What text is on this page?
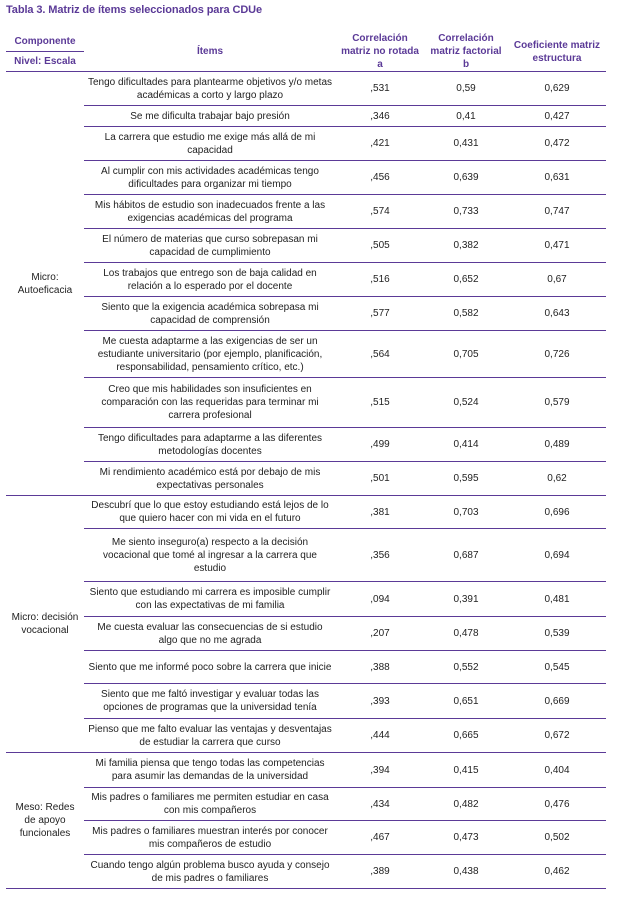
Tabla 3. Matriz de ítems seleccionados para CDUe
Componente	Ítems	Correlación matriz no rotada a	Correlación matriz factorial b	Coeficiente matriz estructura
Nivel: Escala				
Micro: Autoeficacia	Tengo dificultades para plantearme objetivos y/o metas académicas a corto y largo plazo	,531	0,59	0,629
	Se me dificulta trabajar bajo presión	,346	0,41	0,427
	La carrera que estudio me exige más allá de mi capacidad	,421	0,431	0,472
	Al cumplir con mis actividades académicas tengo dificultades para organizar mi tiempo	,456	0,639	0,631
	Mis hábitos de estudio son inadecuados frente a las exigencias académicas del programa	,574	0,733	0,747
	El número de materias que curso sobrepasan mi capacidad de cumplimiento	,505	0,382	0,471
	Los trabajos que entrego son de baja calidad en relación a lo esperado por el docente	,516	0,652	0,67
	Siento que la exigencia académica sobrepasa mi capacidad de comprensión	,577	0,582	0,643
	Me cuesta adaptarme a las exigencias de ser un estudiante universitario (por ejemplo, planificación, responsabilidad, pensamiento crítico, etc.)	,564	0,705	0,726
	Creo que mis habilidades son insuficientes en comparación con las requeridas para terminar mi carrera profesional	,515	0,524	0,579
	Tengo dificultades para adaptarme a las diferentes metodologías docentes	,499	0,414	0,489
	Mi rendimiento académico está por debajo de mis expectativas personales	,501	0,595	0,62
Micro: decisión vocacional	Descubrí que lo que estoy estudiando está lejos de lo que quiero hacer con mi vida en el futuro	,381	0,703	0,696
	Me siento inseguro(a) respecto a la decisión vocacional que tomé al ingresar a la carrera que estudio	,356	0,687	0,694
	Siento que estudiando mi carrera es imposible cumplir con las expectativas de mi familia	,094	0,391	0,481
	Me cuesta evaluar las consecuencias de si estudio algo que no me agrada	,207	0,478	0,539
	Siento que me informé poco sobre la carrera que inicie	,388	0,552	0,545
	Siento que me faltó investigar y evaluar todas las opciones de programas que la universidad tenía	,393	0,651	0,669
	Pienso que me falto evaluar las ventajas y desventajas de estudiar la carrera que curso	,444	0,665	0,672
Meso: Redes de apoyo funcionales	Mi familia piensa que tengo todas las competencias para asumir las demandas de la universidad	,394	0,415	0,404
	Mis padres o familiares me permiten estudiar en casa con mis compañeros	,434	0,482	0,476
	Mis padres o familiares muestran interés por conocer mis compañeros de estudio	,467	0,473	0,502
	Cuando tengo algún problema busco ayuda y consejo de mis padres o familiares	,389	0,438	0,462
